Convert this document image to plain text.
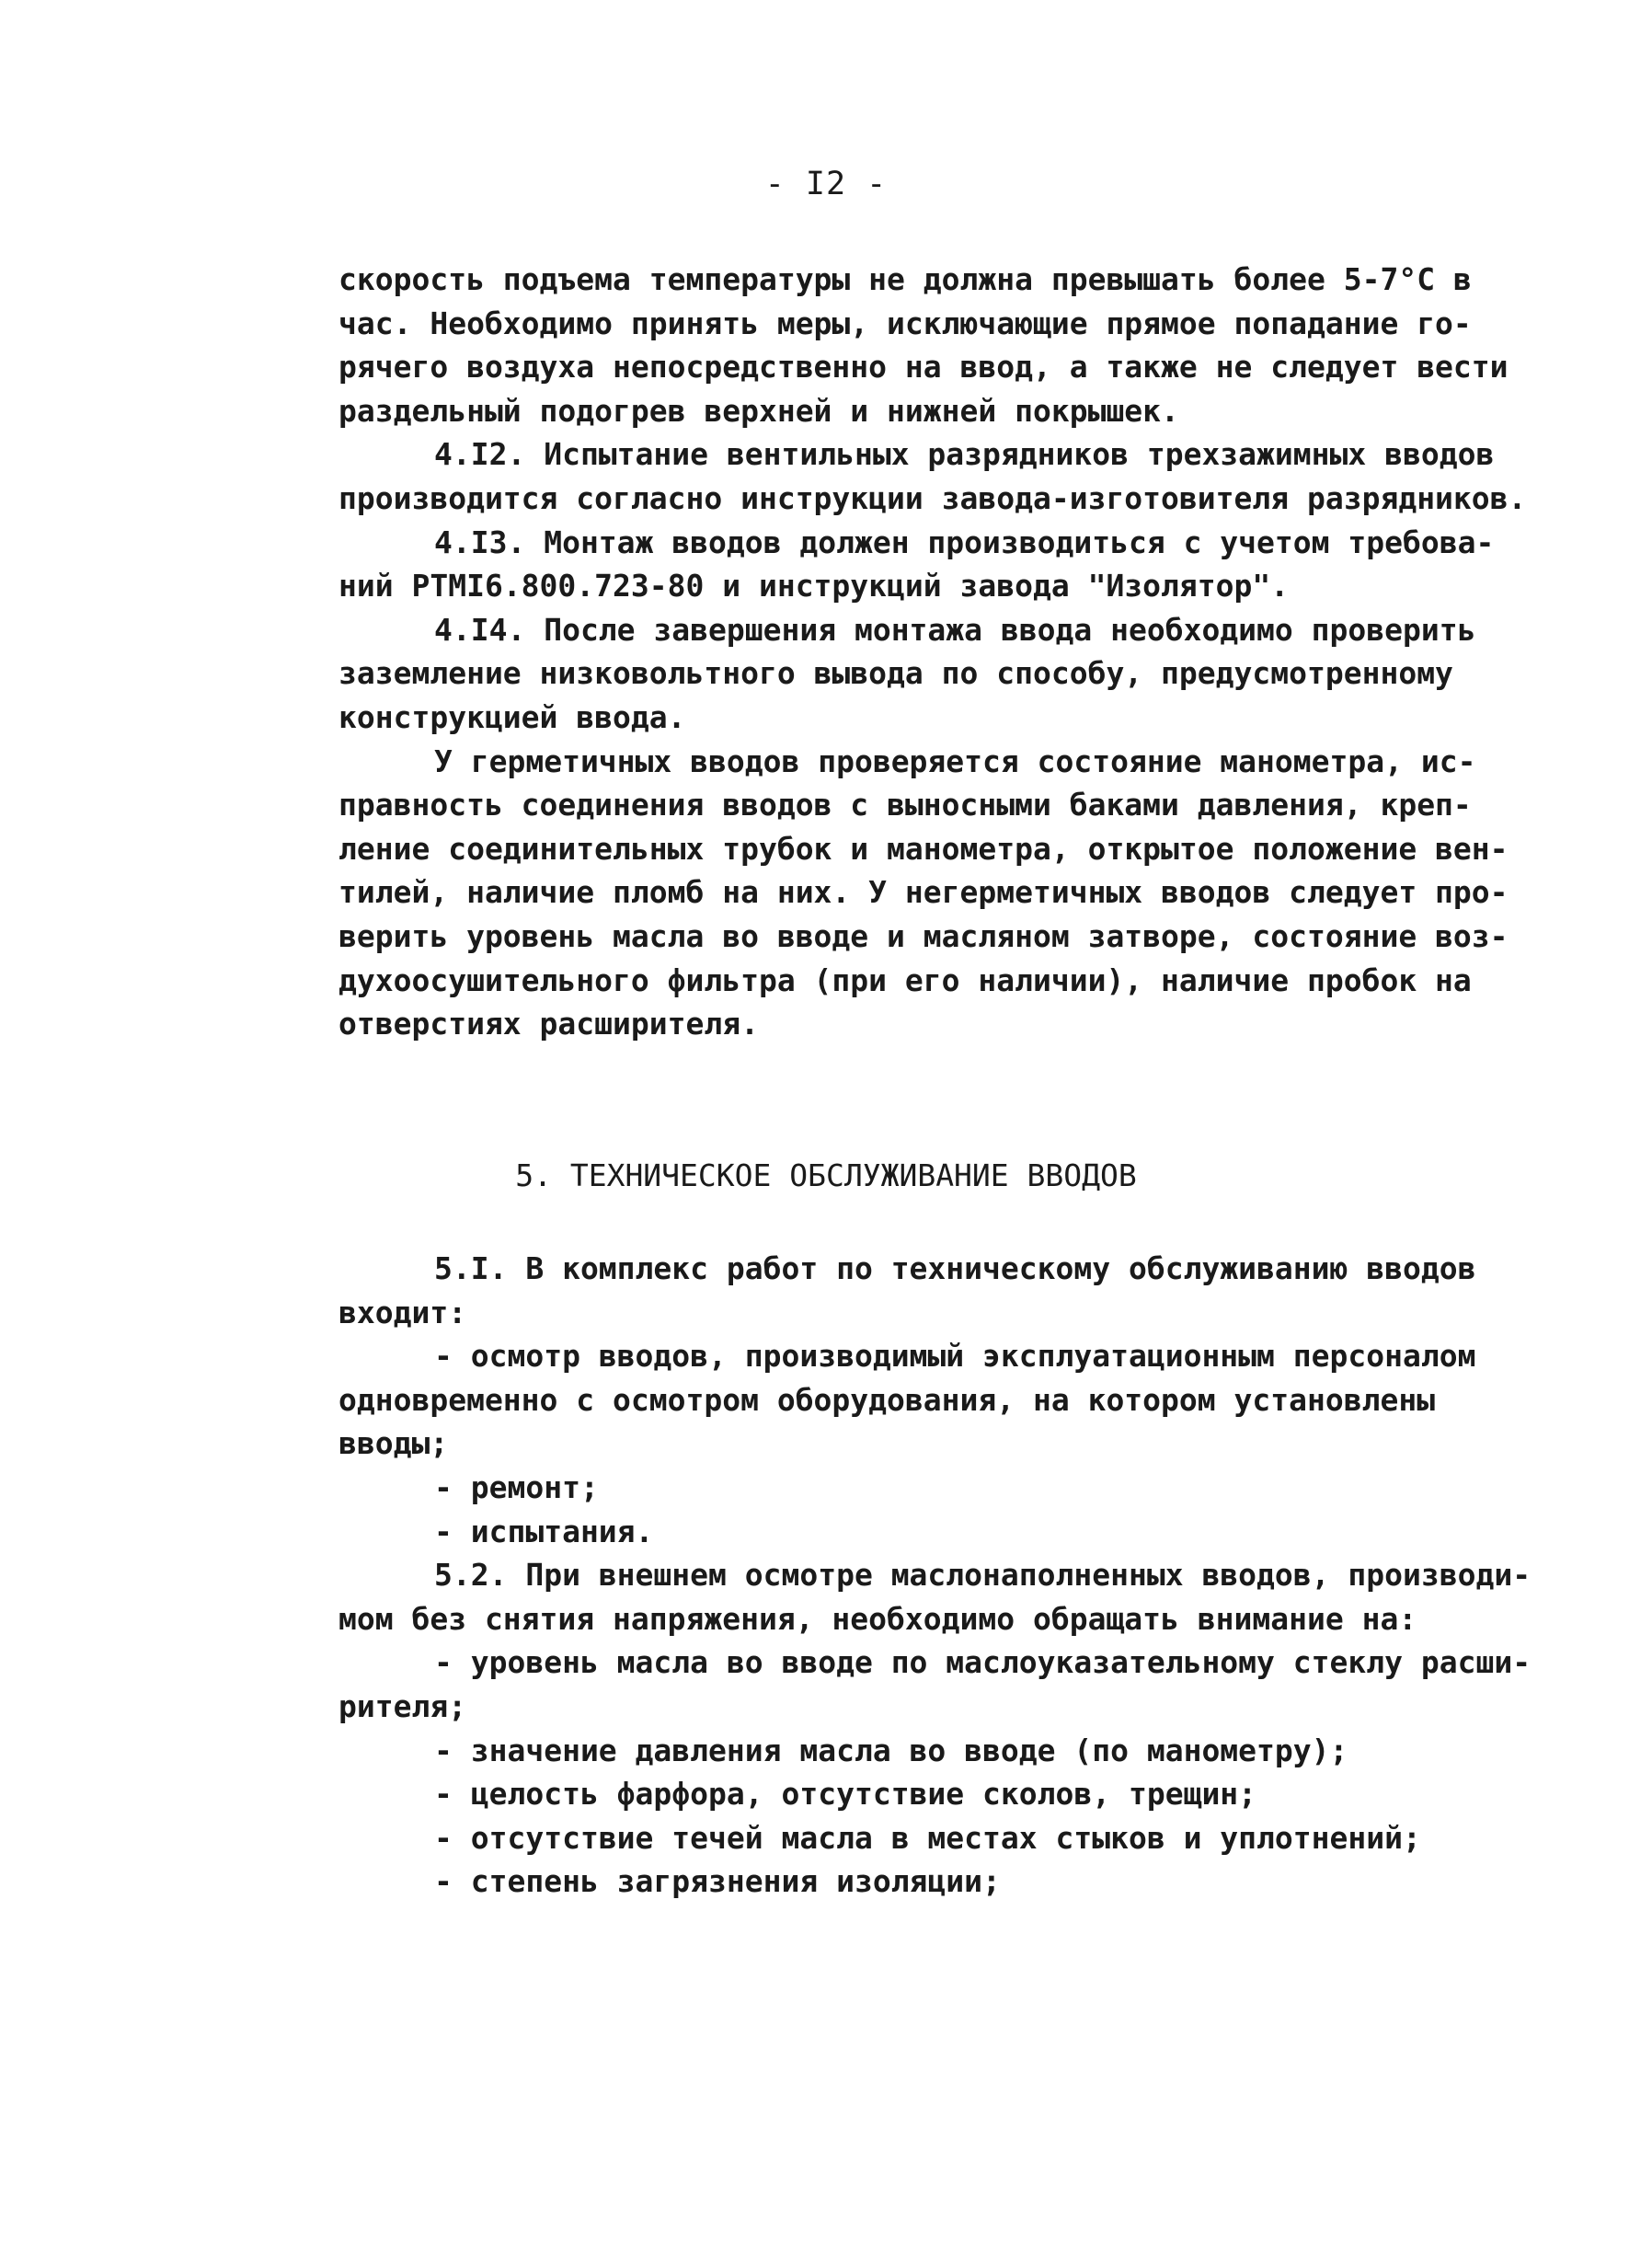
- I2 -
скорость подъема температуры не должна превышать более 5-7°С в
час. Необходимо принять меры, исключающие прямое попадание го-
рячего воздуха непосредственно на ввод, а также не следует вести
раздельный подогрев верхней и нижней покрышек.
4.I2. Испытание вентильных разрядников трехзажимных вводов
производится согласно инструкции завода-изготовителя разрядников.
4.I3. Монтаж вводов должен производиться с учетом требова-
ний РТМI6.800.723-80 и инструкций завода "Изолятор".
4.I4. После завершения монтажа ввода необходимо проверить
заземление низковольтного вывода по способу, предусмотренному
конструкцией ввода.
У герметичных вводов проверяется состояние манометра, ис-
правность соединения вводов с выносными баками давления, креп-
ление соединительных трубок и манометра, открытое положение вен-
тилей, наличие пломб на них. У негерметичных вводов следует про-
верить уровень масла во вводе и масляном затворе, состояние воз-
духоосушительного фильтра (при его наличии), наличие пробок на
отверстиях расширителя.
5. ТЕХНИЧЕСКОЕ ОБСЛУЖИВАНИЕ ВВОДОВ
5.I. В комплекс работ по техническому обслуживанию вводов
входит:
- осмотр вводов, производимый эксплуатационным персоналом
одновременно с осмотром оборудования, на котором установлены
вводы;
- ремонт;
- испытания.
5.2. При внешнем осмотре маслонаполненных вводов, производи-
мом без снятия напряжения, необходимо обращать внимание на:
- уровень масла во вводе по маслоуказательному стеклу расши-
рителя;
- значение давления масла во вводе (по манометру);
- целость фарфора, отсутствие сколов, трещин;
- отсутствие течей масла в местах стыков и уплотнений;
- степень загрязнения изоляции;
